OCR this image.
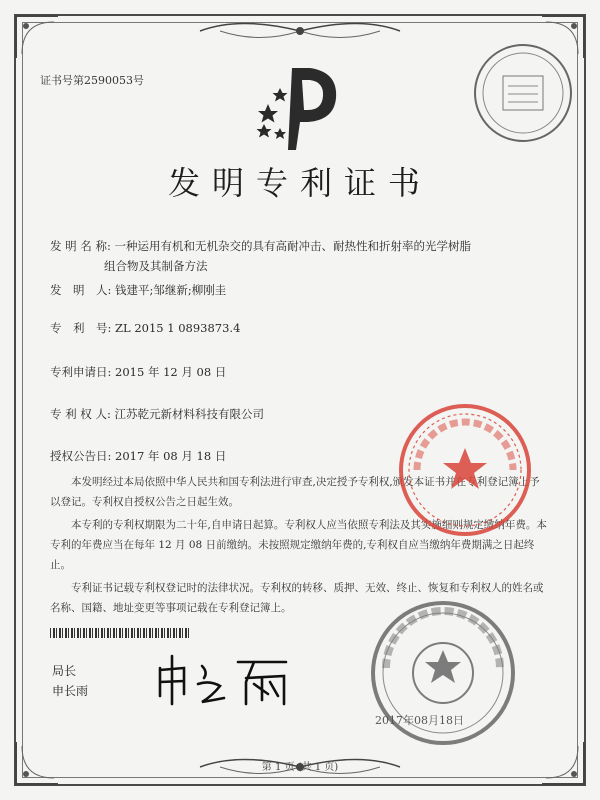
证书号第2590053号
发明专利证书
发 明 名 称: 一种运用有机和无机杂交的具有高耐冲击、耐热性和折射率的光学树脂
组合物及其制备方法
发　明　人: 钱建平;邹继新;柳刚圭
专　利　号: ZL 2015 1 0893873.4
专利申请日: 2015 年 12 月 08 日
专 利 权 人: 江苏乾元新材料科技有限公司
授权公告日: 2017 年 08 月 18 日
本发明经过本局依照中华人民共和国专利法进行审查,决定授予专利权,颁发本证书并在专利登记簿上予以登记。专利权自授权公告之日起生效。
本专利的专利权期限为二十年,自申请日起算。专利权人应当依照专利法及其实施细则规定缴纳年费。本专利的年费应当在每年 12 月 08 日前缴纳。未按照规定缴纳年费的,专利权自应当缴纳年费期满之日起终止。
专利证书记载专利权登记时的法律状况。专利权的转移、质押、无效、终止、恢复和专利权人的姓名或名称、国籍、地址变更等事项记载在专利登记簿上。
局长
申长雨
2017年08月18日
第 1 页 (共 1 页)
